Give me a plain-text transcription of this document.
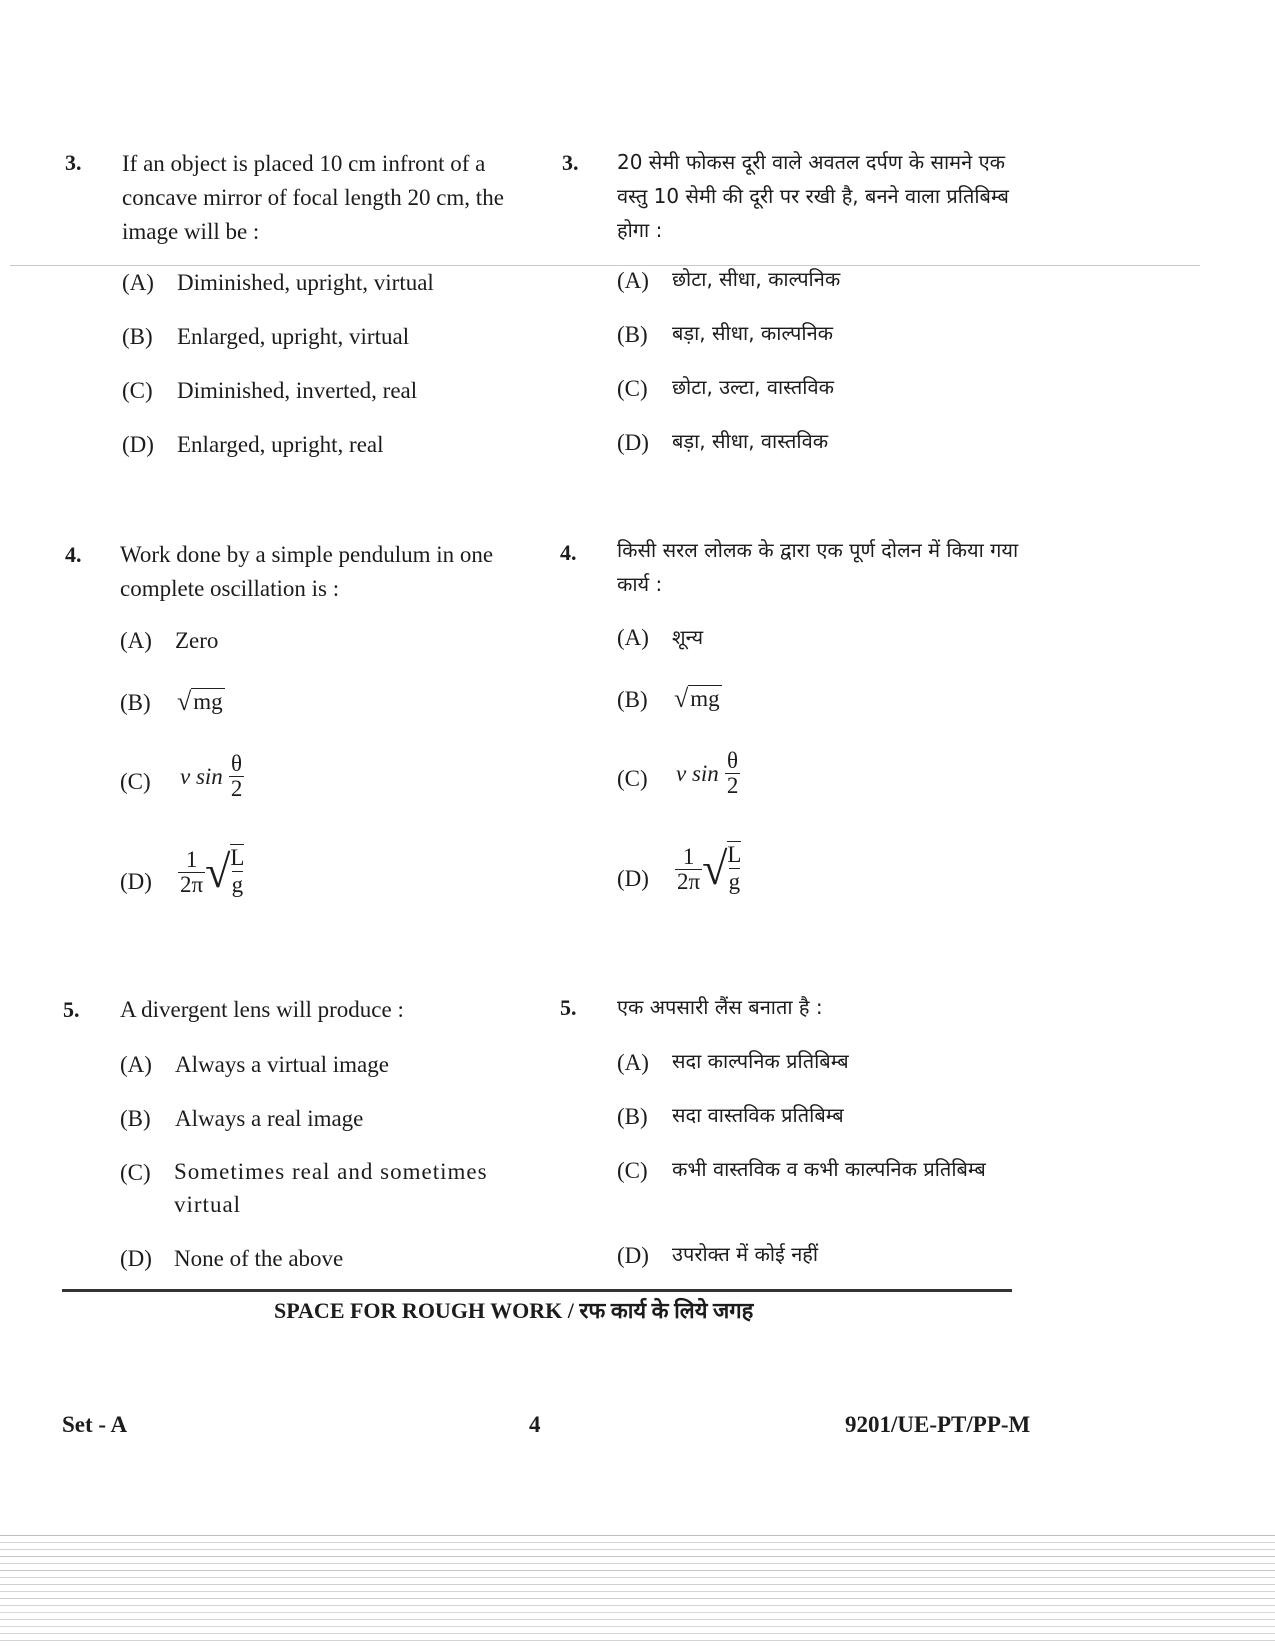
3. If an object is placed 10 cm infront of a concave mirror of focal length 20 cm, the image will be :
3. 20 सेमी फोकस दूरी वाले अवतल दर्पण के सामने एक वस्तु 10 सेमी की दूरी पर रखी है, बनने वाला प्रतिबिम्ब होगा :
(A) Diminished, upright, virtual
(B) Enlarged, upright, virtual
(C) Diminished, inverted, real
(D) Enlarged, upright, real
(A) छोटा, सीधा, काल्पनिक
(B) बड़ा, सीधा, काल्पनिक
(C) छोटा, उल्टा, वास्तविक
(D) बड़ा, सीधा, वास्तविक
4. Work done by a simple pendulum in one complete oscillation is :
4. किसी सरल लोलक के द्वारा एक पूर्ण दोलन में किया गया कार्य :
(A) Zero	(A) शून्य
(B) √ mg	(B) √ mg
(C) v $\sin \frac{\theta}{2}$	(C) v $\sin \frac{\theta}{2}$
$(D) \frac{1}{2\pi}$ √ $\frac{L}{g}$	$(D) \frac{1}{2\pi}$ √ $\frac{L}{g}$
5. A divergent lens will produce :	5. एक अपसारी लैंस बनाता है :
(A) Always a virtual image
(B) Always a real image
(C) Sometimes real and sometimes virtual
(D) None of the above
(A) सदा काल्पनिक प्रतिबिम्ब
(B) सदा वास्तविक प्रतिबिम्ब
(C) कभी वास्तविक व कभी काल्पनिक प्रतिबिम्ब
(D) उपरोक्त में कोई नहीं
SPACE FOR ROUGH WORK / रफ कार्य के लिये जगह
Set - A	4	9201/UE-PT/PP-M
